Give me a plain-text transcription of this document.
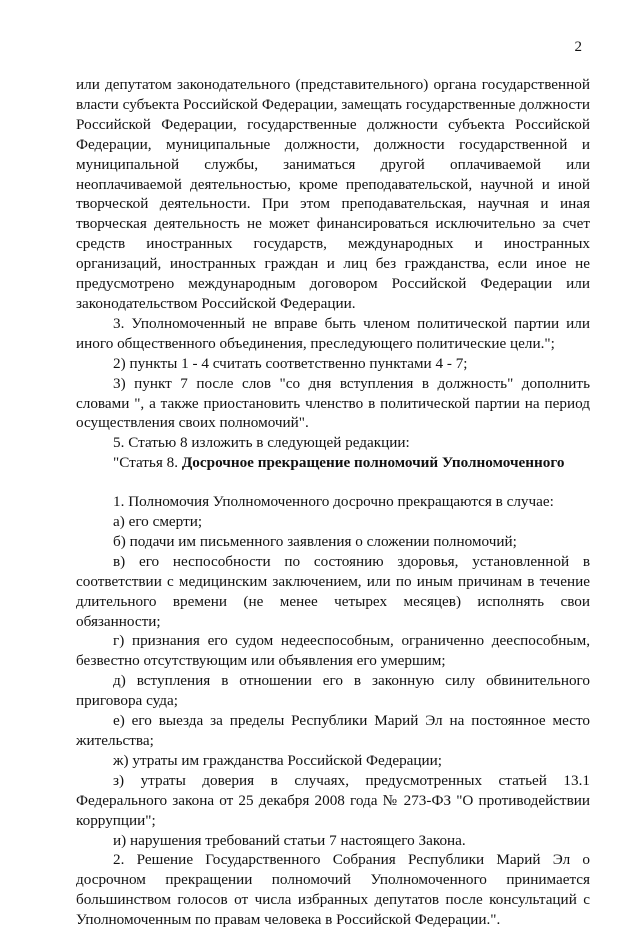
2

или депутатом законодательного (представительного) органа государственной власти субъекта Российской Федерации, замещать государственные должности Российской Федерации, государственные должности субъекта Российской Федерации, муниципальные должности, должности государственной и муниципальной службы, заниматься другой оплачиваемой или неоплачиваемой деятельностью, кроме преподавательской, научной и иной творческой деятельности. При этом преподавательская, научная и иная творческая деятельность не может финансироваться исключительно за счет средств иностранных государств, международных и иностранных организаций, иностранных граждан и лиц без гражданства, если иное не предусмотрено международным договором Российской Федерации или законодательством Российской Федерации.

3. Уполномоченный не вправе быть членом политической партии или иного общественного объединения, преследующего политические цели.";

2) пункты 1 - 4 считать соответственно пунктами 4 - 7;

3) пункт 7 после слов "со дня вступления в должность" дополнить словами ", а также приостановить членство в политической партии на период осуществления своих полномочий".

5. Статью 8 изложить в следующей редакции:

"Статья 8. Досрочное прекращение полномочий Уполномоченного

1. Полномочия Уполномоченного досрочно прекращаются в случае:

а) его смерти;

б) подачи им письменного заявления о сложении полномочий;

в) его неспособности по состоянию здоровья, установленной в соответствии с медицинским заключением, или по иным причинам в течение длительного времени (не менее четырех месяцев) исполнять свои обязанности;

г) признания его судом недееспособным, ограниченно дееспособным, безвестно отсутствующим или объявления его умершим;

д) вступления в отношении его в законную силу обвинительного приговора суда;

е) его выезда за пределы Республики Марий Эл на постоянное место жительства;

ж) утраты им гражданства Российской Федерации;

з) утраты доверия в случаях, предусмотренных статьей 13.1 Федерального закона от 25 декабря 2008 года № 273-ФЗ "О противодействии коррупции";

и) нарушения требований статьи 7 настоящего Закона.

2. Решение Государственного Собрания Республики Марий Эл о досрочном прекращении полномочий Уполномоченного принимается большинством голосов от числа избранных депутатов после консультаций с Уполномоченным по правам человека в Российской Федерации.".
